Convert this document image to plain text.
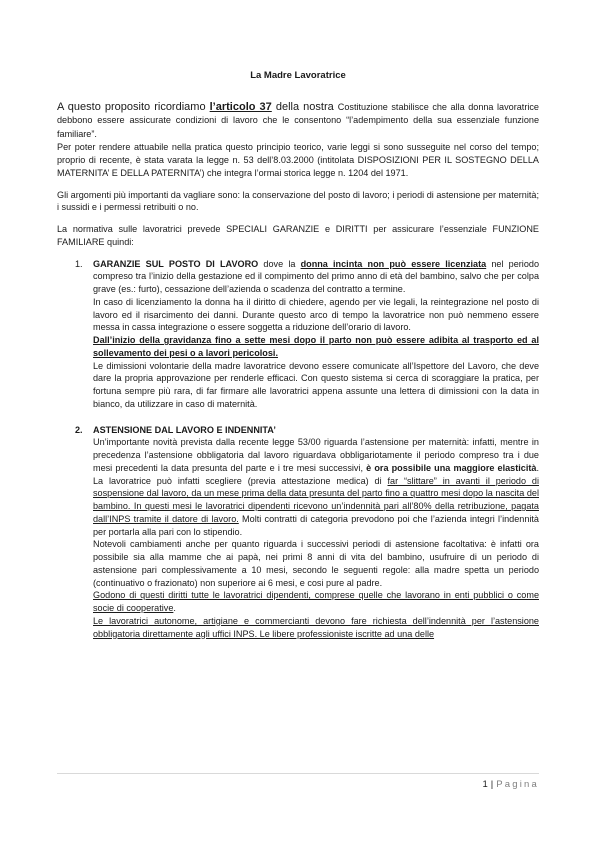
La Madre Lavoratrice

A questo proposito ricordiamo l’articolo 37 della nostra Costituzione stabilisce che alla donna lavoratrice debbono essere assicurate condizioni di lavoro che le consentono “l’adempimento della sua essenziale funzione familiare”.

Per poter rendere attuabile nella pratica questo principio teorico, varie leggi si sono susseguite nel corso del tempo; proprio di recente, è stata varata la legge n. 53 dell’8.03.2000 (intitolata DISPOSIZIONI PER IL SOSTEGNO DELLA MATERNITA’ E DELLA PATERNITA’) che integra l’ormai storica legge n. 1204 del 1971.

Gli argomenti più importanti da vagliare sono: la conservazione del posto di lavoro; i periodi di astensione per maternità; i sussidi e i permessi retribuiti o no.

La normativa sulle lavoratrici prevede SPECIALI GARANZIE e DIRITTI per assicurare l’essenziale FUNZIONE FAMILIARE quindi:

1. GARANZIE SUL POSTO DI LAVORO dove la donna incinta non può essere licenziata nel periodo compreso tra l’inizio della gestazione ed il compimento del primo anno di età del bambino, salvo che per colpa grave (es.: furto), cessazione dell’azienda o scadenza del contratto a termine.

In caso di licenziamento la donna ha il diritto di chiedere, agendo per vie legali, la reintegrazione nel posto di lavoro ed il risarcimento dei danni. Durante questo arco di tempo la lavoratrice non può nemmeno essere messa in cassa integrazione o essere soggetta a riduzione dell’orario di lavoro.

Dall’inizio della gravidanza fino a sette mesi dopo il parto non può essere adibita al trasporto ed al sollevamento dei pesi o a lavori pericolosi.

Le dimissioni volontarie della madre lavoratrice devono essere comunicate all’Ispettore del Lavoro, che deve dare la propria approvazione per renderle efficaci. Con questo sistema si cerca di scoraggiare la pratica, per fortuna sempre più rara, di far firmare alle lavoratrici appena assunte una lettera di dimissioni con la data in bianco, da utilizzare in caso di maternità.

2. ASTENSIONE DAL LAVORO E INDENNITA’

Un’importante novità prevista dalla recente legge 53/00 riguarda l’astensione per maternità: infatti, mentre in precedenza l’astensione obbligatoria dal lavoro riguardava obbligariotamente il periodo compreso tra i due mesi precedenti la data presunta del parte e i tre mesi successivi, è ora possibile una maggiore elasticità. La lavoratrice può infatti scegliere (previa attestazione medica) di far “slittare” in avanti il periodo di sospensione dal lavoro, da un mese prima della data presunta del parto fino a quattro mesi dopo la nascita del bambino. In questi mesi le lavoratrici dipendenti ricevono un’indennità pari all’80% della retribuzione, pagata dall’INPS tramite il datore di lavoro. Molti contratti di categoria prevodono poi che l’azienda integri l’indennità per portarla alla pari con lo stipendio.

Notevoli cambiamenti anche per quanto riguarda i successivi periodi di astensione facoltativa: è infatti ora possibile sia alla mamme che ai papà, nei primi 8 anni di vita del bambino, usufruire di un periodo di astensione pari complessivamente a 10 mesi, secondo le seguenti regole: alla madre spetta un periodo (continuativo o frazionato) non superiore ai 6 mesi, e cosi pure al padre.

Godono di questi diritti tutte le lavoratrici dipendenti, comprese quelle che lavorano in enti pubblici o come socie di cooperative.

Le lavoratrici autonome, artigiane e commercianti devono fare richiesta dell’indennità per l’astensione obbligatoria direttamente agli uffici INPS. Le libere professioniste iscritte ad una delle

1 | Pagina
